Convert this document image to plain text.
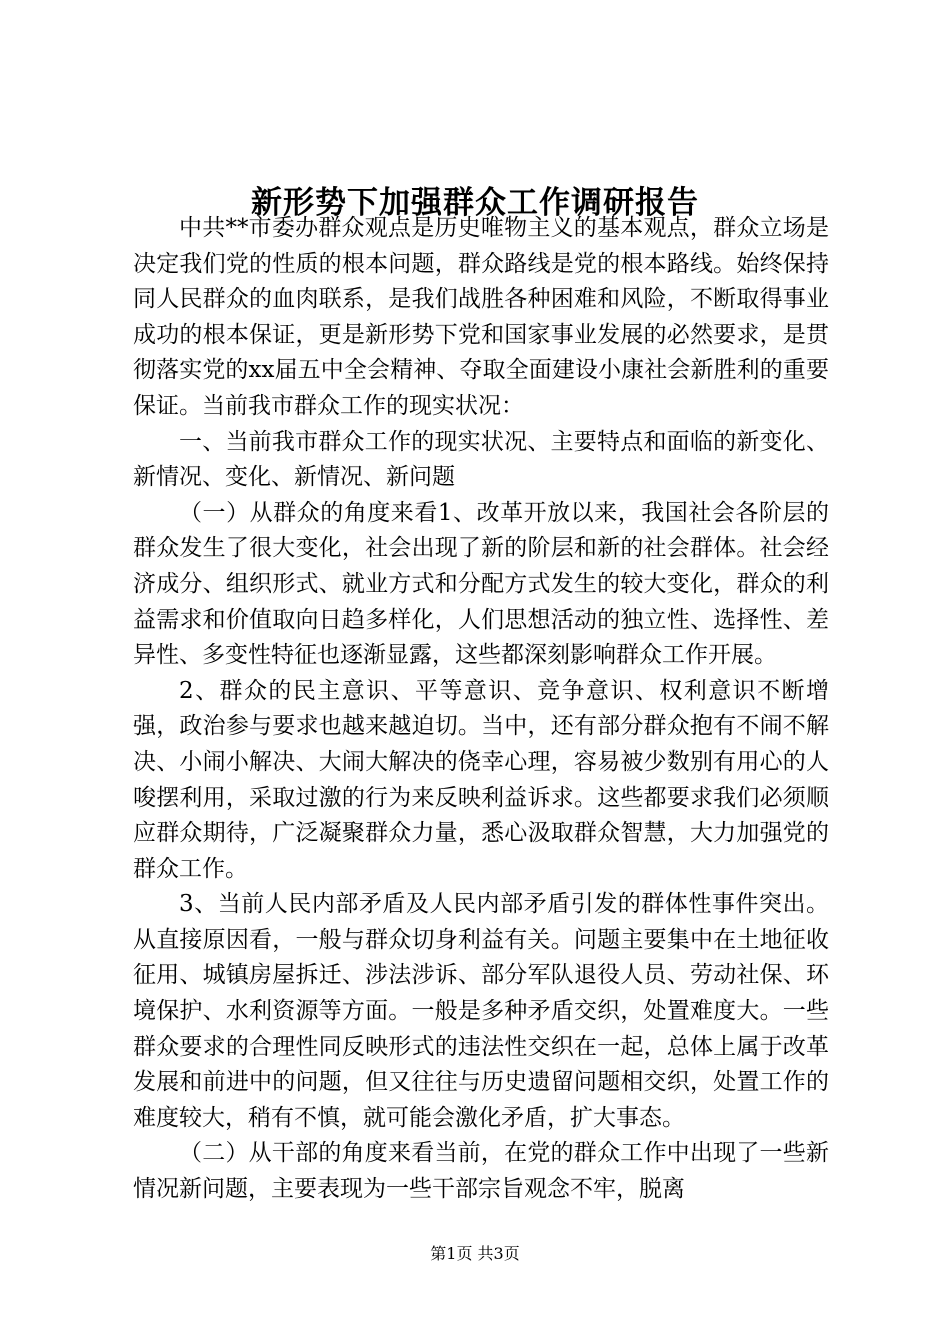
新形势下加强群众工作调研报告

中共**市委办群众观点是历史唯物主义的基本观点，群众立场是决定我们党的性质的根本问题，群众路线是党的根本路线。始终保持同人民群众的血肉联系，是我们战胜各种困难和风险，不断取得事业成功的根本保证，更是新形势下党和国家事业发展的必然要求，是贯彻落实党的xx届五中全会精神、夺取全面建设小康社会新胜利的重要保证。当前我市群众工作的现实状况：

一、当前我市群众工作的现实状况、主要特点和面临的新变化、新情况、变化、新情况、新问题

（一）从群众的角度来看1、改革开放以来，我国社会各阶层的群众发生了很大变化，社会出现了新的阶层和新的社会群体。社会经济成分、组织形式、就业方式和分配方式发生的较大变化，群众的利益需求和价值取向日趋多样化，人们思想活动的独立性、选择性、差异性、多变性特征也逐渐显露，这些都深刻影响群众工作开展。

2、群众的民主意识、平等意识、竞争意识、权利意识不断增强，政治参与要求也越来越迫切。当中，还有部分群众抱有不闹不解决、小闹小解决、大闹大解决的侥幸心理，容易被少数别有用心的人唆摆利用，采取过激的行为来反映利益诉求。这些都要求我们必须顺应群众期待，广泛凝聚群众力量，悉心汲取群众智慧，大力加强党的群众工作。

3、当前人民内部矛盾及人民内部矛盾引发的群体性事件突出。从直接原因看，一般与群众切身利益有关。问题主要集中在土地征收征用、城镇房屋拆迁、涉法涉诉、部分军队退役人员、劳动社保、环境保护、水利资源等方面。一般是多种矛盾交织，处置难度大。一些群众要求的合理性同反映形式的违法性交织在一起，总体上属于改革发展和前进中的问题，但又往往与历史遗留问题相交织，处置工作的难度较大，稍有不慎，就可能会激化矛盾，扩大事态。

（二）从干部的角度来看当前，在党的群众工作中出现了一些新情况新问题，主要表现为一些干部宗旨观念不牢，脱离

第1页 共3页
